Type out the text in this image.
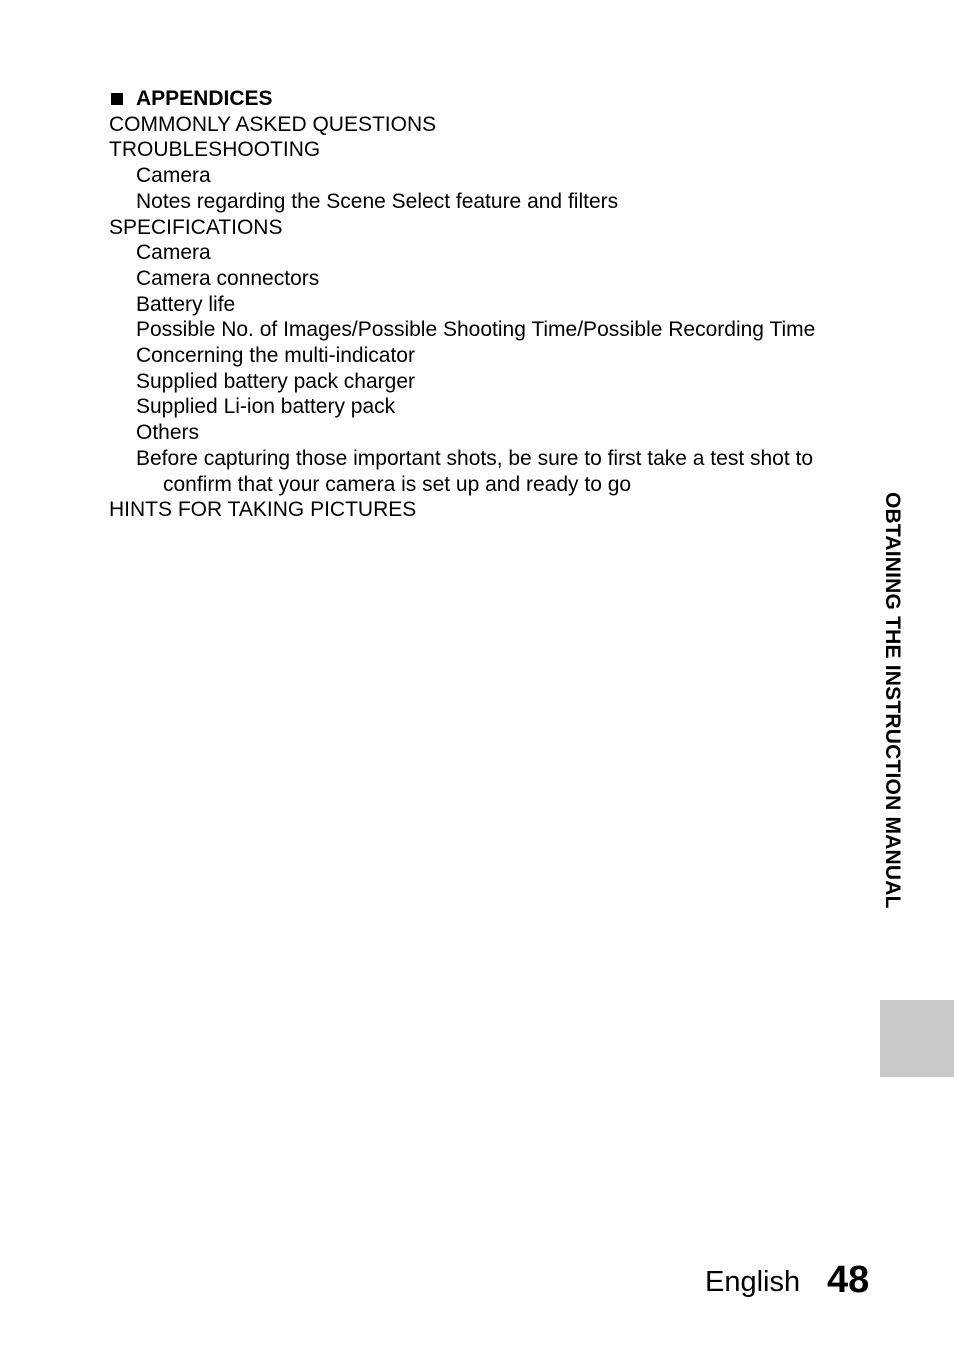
APPENDICES
COMMONLY ASKED QUESTIONS
TROUBLESHOOTING
Camera
Notes regarding the Scene Select feature and filters
SPECIFICATIONS
Camera
Camera connectors
Battery life
Possible No. of Images/Possible Shooting Time/Possible Recording Time
Concerning the multi-indicator
Supplied battery pack charger
Supplied Li-ion battery pack
Others
Before capturing those important shots, be sure to first take a test shot to confirm that your camera is set up and ready to go
HINTS FOR TAKING PICTURES	OBTAINING THE INSTRUCTION MANUAL
English 48
